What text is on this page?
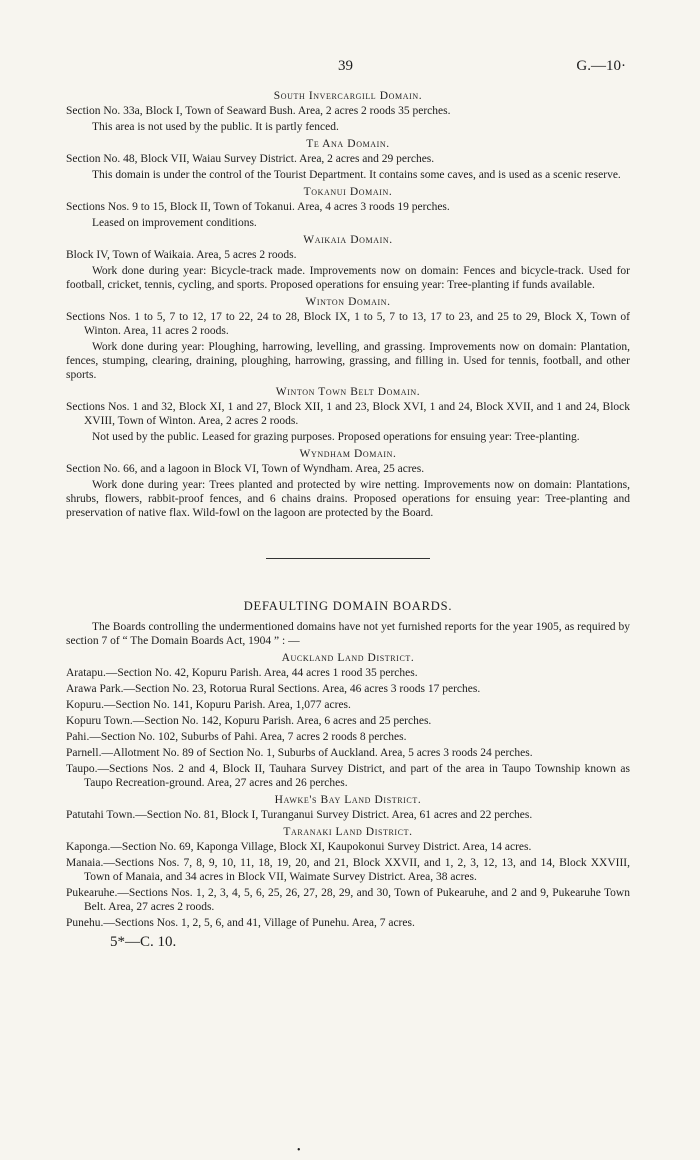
39	G.—10·
South Invercargill Domain.
Section No. 33a, Block I, Town of Seaward Bush. Area, 2 acres 2 roods 35 perches.
This area is not used by the public. It is partly fenced.
Te Ana Domain.
Section No. 48, Block VII, Waiau Survey District. Area, 2 acres and 29 perches.
This domain is under the control of the Tourist Department. It contains some caves, and is used as a scenic reserve.
Tokanui Domain.
Sections Nos. 9 to 15, Block II, Town of Tokanui. Area, 4 acres 3 roods 19 perches.
Leased on improvement conditions.
Waikaia Domain.
Block IV, Town of Waikaia. Area, 5 acres 2 roods.
Work done during year: Bicycle-track made. Improvements now on domain: Fences and bicycle-track. Used for football, cricket, tennis, cycling, and sports. Proposed operations for ensuing year: Tree-planting if funds available.
Winton Domain.
Sections Nos. 1 to 5, 7 to 12, 17 to 22, 24 to 28, Block IX, 1 to 5, 7 to 13, 17 to 23, and 25 to 29, Block X, Town of Winton. Area, 11 acres 2 roods.
Work done during year: Ploughing, harrowing, levelling, and grassing. Improvements now on domain: Plantation, fences, stumping, clearing, draining, ploughing, harrowing, grassing, and filling in. Used for tennis, football, and other sports.
Winton Town Belt Domain.
Sections Nos. 1 and 32, Block XI, 1 and 27, Block XII, 1 and 23, Block XVI, 1 and 24, Block XVII, and 1 and 24, Block XVIII, Town of Winton. Area, 2 acres 2 roods.
Not used by the public. Leased for grazing purposes. Proposed operations for ensuing year: Tree-planting.
Wyndham Domain.
Section No. 66, and a lagoon in Block VI, Town of Wyndham. Area, 25 acres.
Work done during year: Trees planted and protected by wire netting. Improvements now on domain: Plantations, shrubs, flowers, rabbit-proof fences, and 6 chains drains. Proposed operations for ensuing year: Tree-planting and preservation of native flax. Wild-fowl on the lagoon are protected by the Board.
DEFAULTING DOMAIN BOARDS.
The Boards controlling the undermentioned domains have not yet furnished reports for the year 1905, as required by section 7 of “ The Domain Boards Act, 1904 ” : —
Auckland Land District.
Aratapu.—Section No. 42, Kopuru Parish. Area, 44 acres 1 rood 35 perches.
Arawa Park.—Section No. 23, Rotorua Rural Sections. Area, 46 acres 3 roods 17 perches.
Kopuru.—Section No. 141, Kopuru Parish. Area, 1,077 acres.
Kopuru Town.—Section No. 142, Kopuru Parish. Area, 6 acres and 25 perches.
Pahi.—Section No. 102, Suburbs of Pahi. Area, 7 acres 2 roods 8 perches.
Parnell.—Allotment No. 89 of Section No. 1, Suburbs of Auckland. Area, 5 acres 3 roods 24 perches.
Taupo.—Sections Nos. 2 and 4, Block II, Tauhara Survey District, and part of the area in Taupo Township known as Taupo Recreation-ground. Area, 27 acres and 26 perches.
Hawke's Bay Land District.
Patutahi Town.—Section No. 81, Block I, Turanganui Survey District. Area, 61 acres and 22 perches.
Taranaki Land District.
Kaponga.—Section No. 69, Kaponga Village, Block XI, Kaupokonui Survey District. Area, 14 acres.
Manaia.—Sections Nos. 7, 8, 9, 10, 11, 18, 19, 20, and 21, Block XXVII, and 1, 2, 3, 12, 13, and 14, Block XXVIII, Town of Manaia, and 34 acres in Block VII, Waimate Survey District. Area, 38 acres.
Pukearuhe.—Sections Nos. 1, 2, 3, 4, 5, 6, 25, 26, 27, 28, 29, and 30, Town of Pukearuhe, and 2 and 9, Pukearuhe Town Belt. Area, 27 acres 2 roods.
Punehu.—Sections Nos. 1, 2, 5, 6, and 41, Village of Punehu. Area, 7 acres.
5*—C. 10.
•
